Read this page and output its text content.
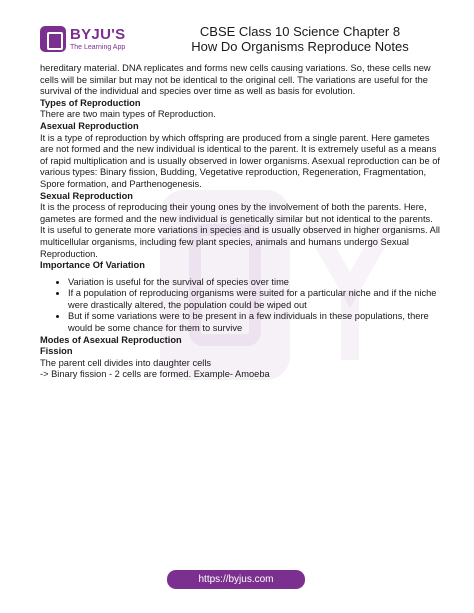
BYJU'S
The Learning App
CBSE Class 10 Science Chapter 8
How Do Organisms Reproduce Notes

hereditary material. DNA replicates and forms new cells causing variations. So, these cells new cells will be similar but may not be identical to the original cell. The variations are useful for the survival of the individual and species over time as well as basis for evolution.

Types of Reproduction

There are two main types of Reproduction.

Asexual Reproduction

It is a type of reproduction by which offspring are produced from a single parent. Here gametes are not formed and the new individual is identical to the parent. It is extremely useful as a means of rapid multiplication and is usually observed in lower organisms. Asexual reproduction can be of various types: Binary fission, Budding, Vegetative reproduction, Regeneration, Fragmentation, Spore formation, and Parthenogenesis.

Sexual Reproduction

It is the process of reproducing their young ones by the involvement of both the parents. Here, gametes are formed and the new individual is genetically similar but not identical to the parents. It is useful to generate more variations in species and is usually observed in higher organisms. All multicellular organisms, including few plant species, animals and humans undergo Sexual Reproduction.

Importance Of Variation

• Variation is useful for the survival of species over time
• If a population of reproducing organisms were suited for a particular niche and if the niche were drastically altered, the population could be wiped out
• But if some variations were to be present in a few individuals in these populations, there would be some chance for them to survive

Modes of Asexual Reproduction

Fission

The parent cell divides into daughter cells

-> Binary fission - 2 cells are formed. Example- Amoeba

https://byjus.com
